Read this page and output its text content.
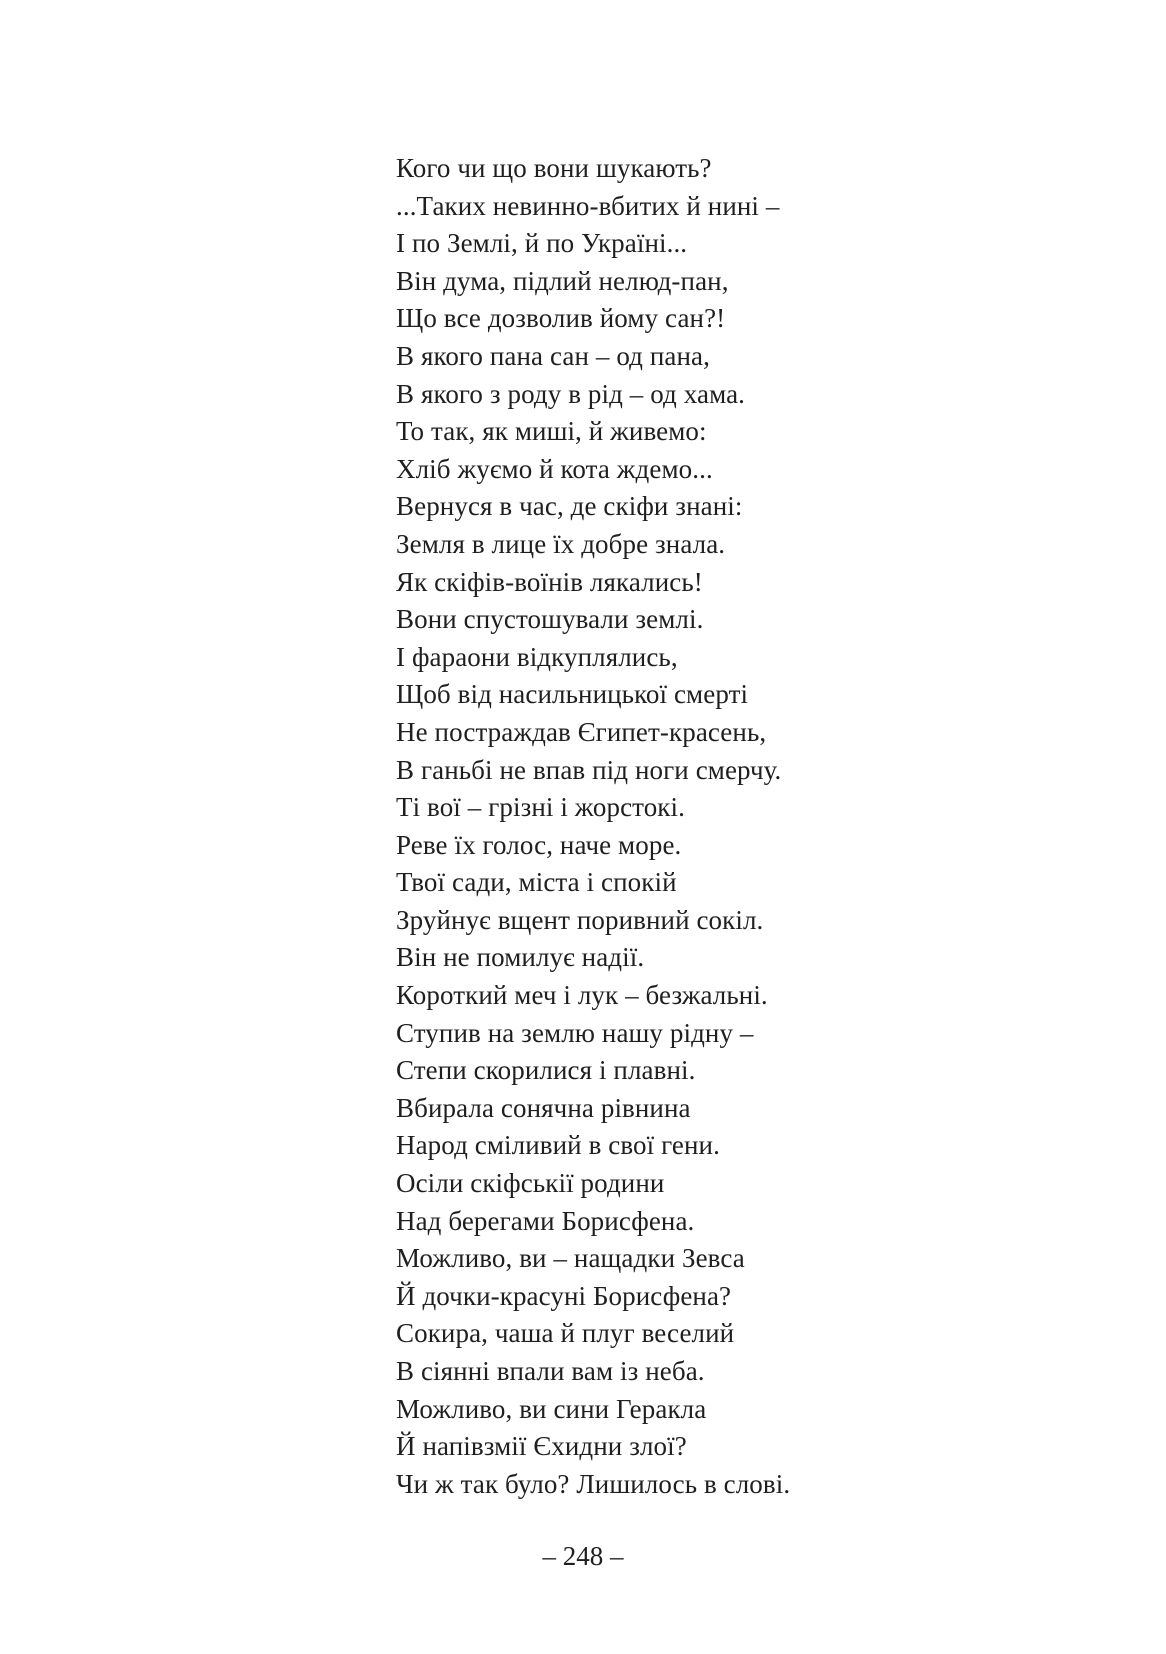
Кого чи що вони шукають?
...Таких невинно-вбитих й нині –
І по Землі, й по Україні...
Він дума, підлий нелюд-пан,
Що все дозволив йому сан?!
В якого пана сан – од пана,
В якого з роду в рід – од хама.
То так, як миші, й живемо:
Хліб жуємо й кота ждемо...
Вернуся в час, де скіфи знані:
Земля в лице їх добре знала.
Як скіфів-воїнів лякались!
Вони спустошували землі.
І фараони відкуплялись,
Щоб від насильницької смерті
Не постраждав Єгипет-красень,
В ганьбі не впав під ноги смерчу.
Ті вої – грізні і жорстокі.
Реве їх голос, наче море.
Твої сади, міста і спокій
Зруйнує вщент поривний сокіл.
Він не помилує надії.
Короткий меч і лук – безжальні.
Ступив на землю нашу рідну –
Степи скорилися і плавні.
Вбирала сонячна рівнина
Народ сміливий в свої гени.
Осіли скіфськії родини
Над берегами Борисфена.
Можливо, ви – нащадки Зевса
Й дочки-красуні Борисфена?
Сокира, чаша й плуг веселий
В сіянні впали вам із неба.
Можливо, ви сини Геракла
Й напівзмії Єхидни злої?
Чи ж так було? Лишилось в слові.
– 248 –
